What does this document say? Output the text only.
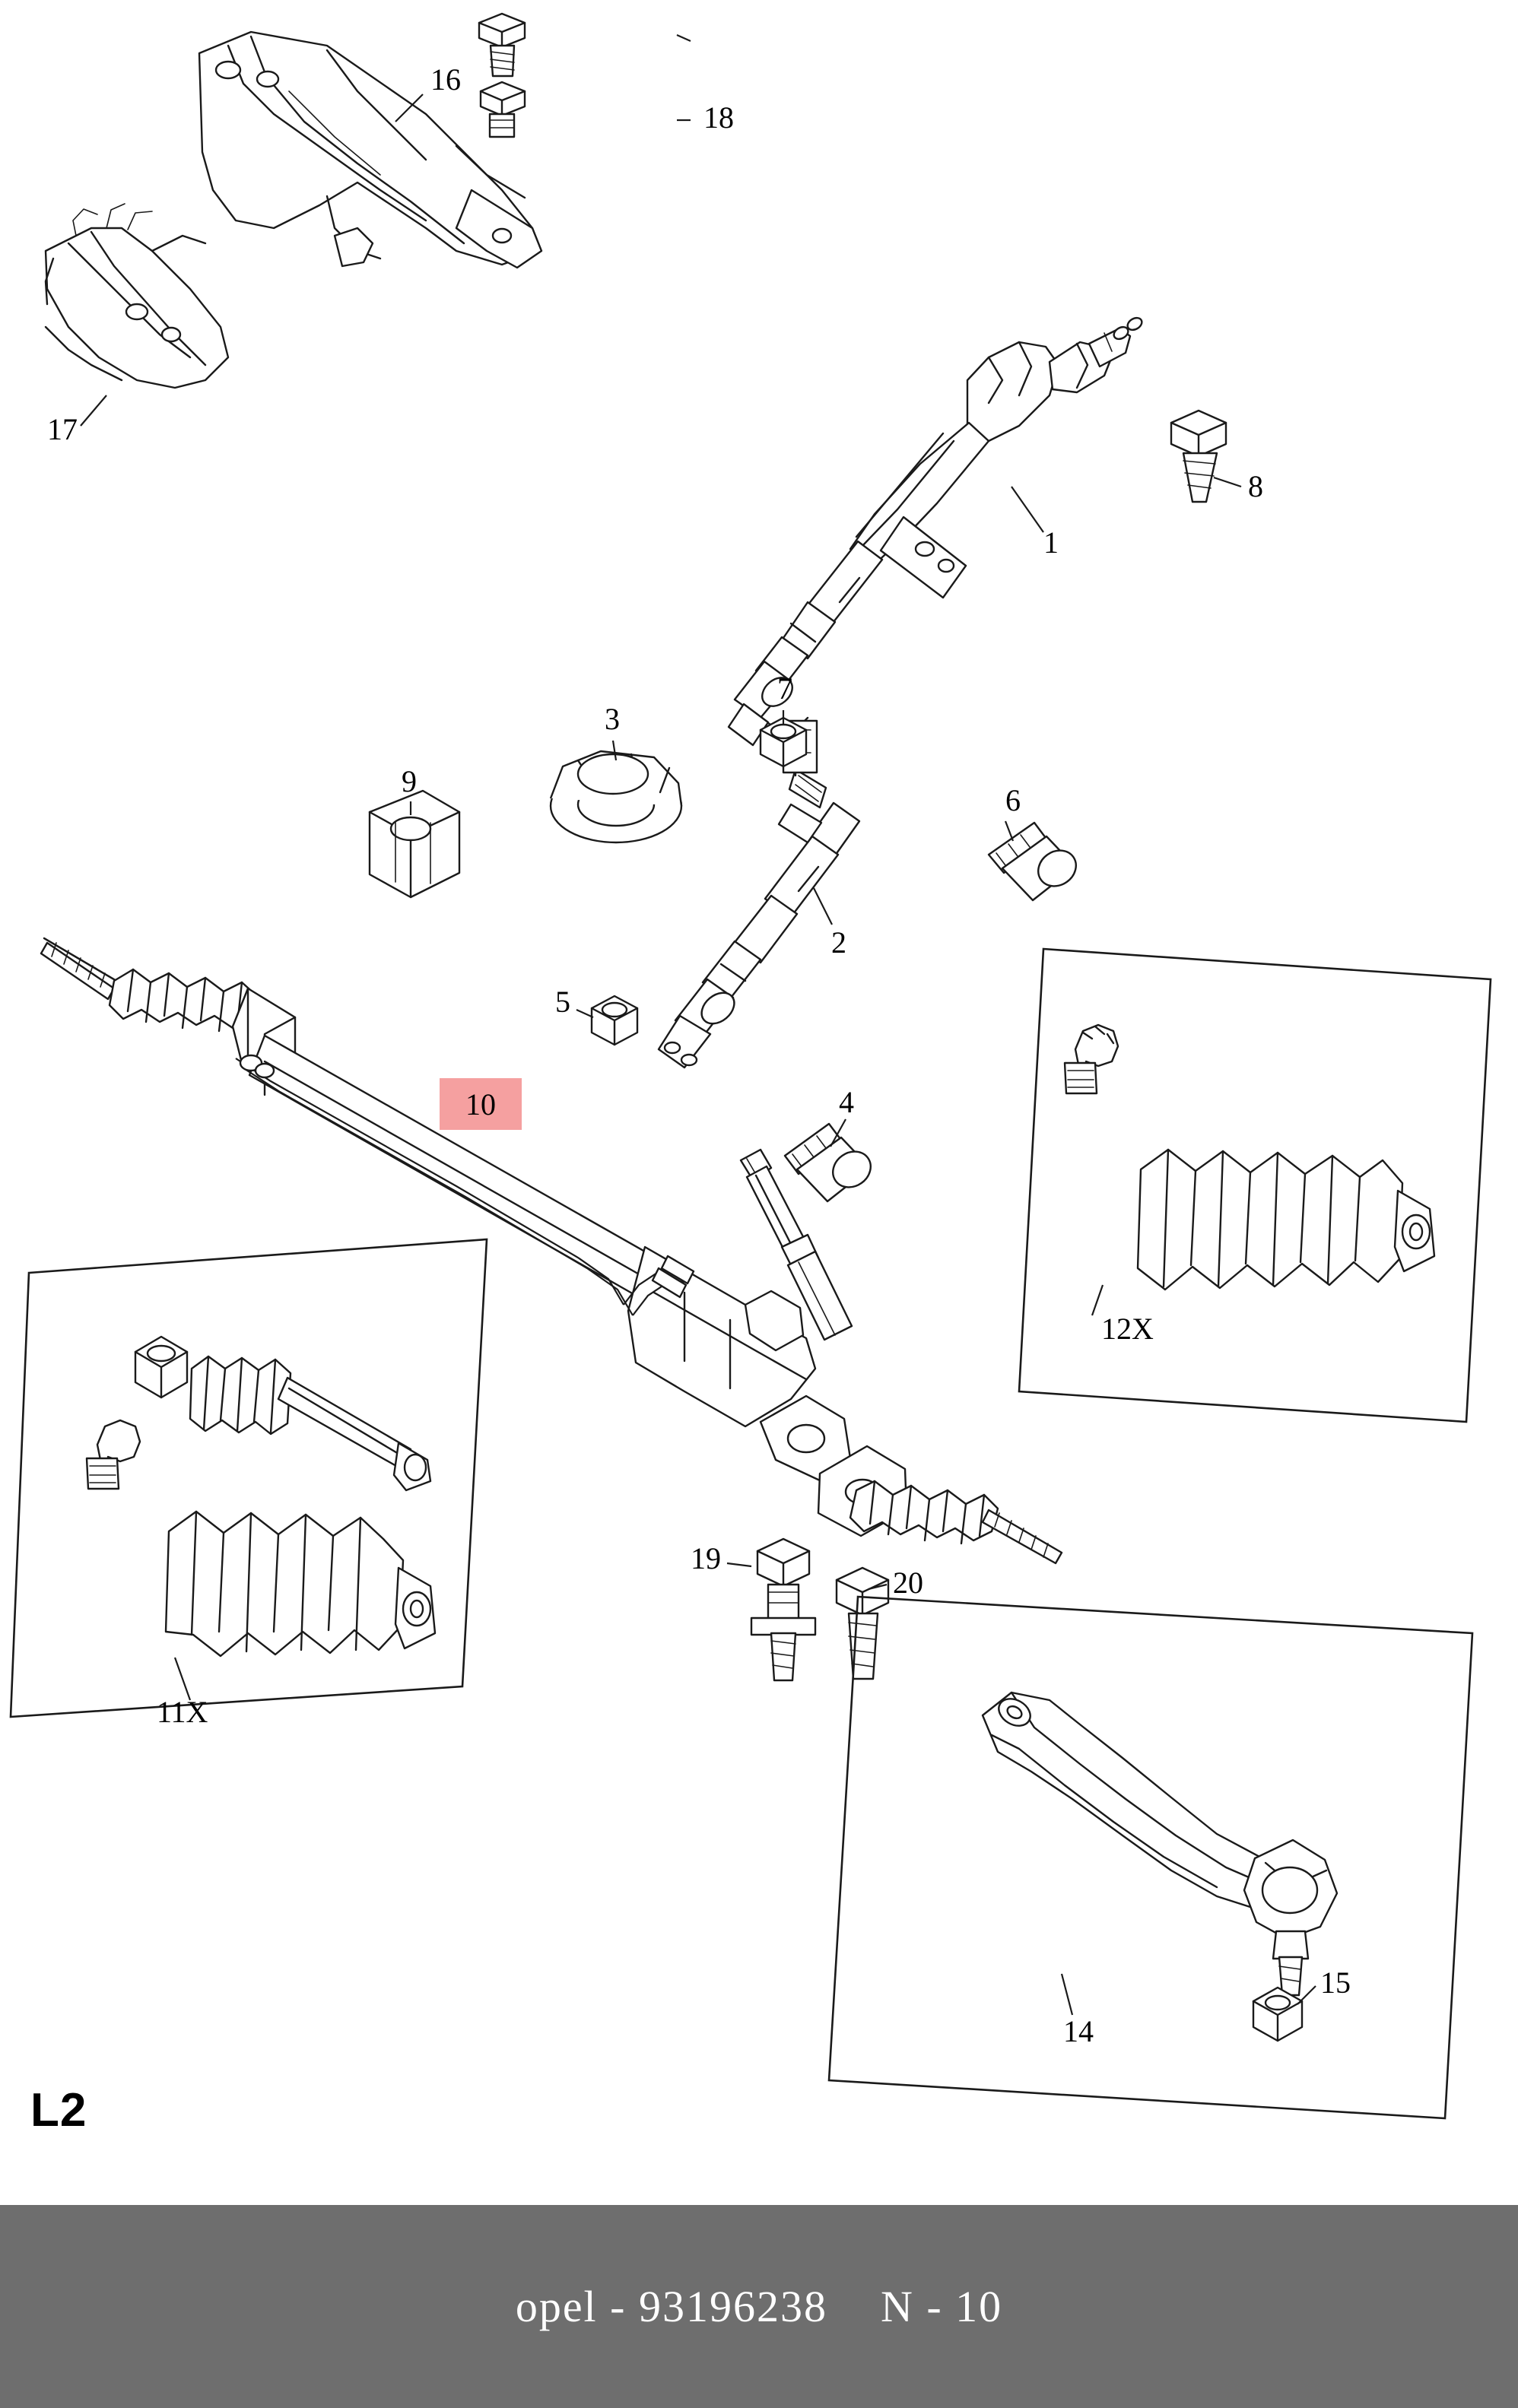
16
18
17
1
8
7
3
9
6
2
5
4
12X
11X
19
20
14
15
10
L2
opel - 93196238 N - 10
